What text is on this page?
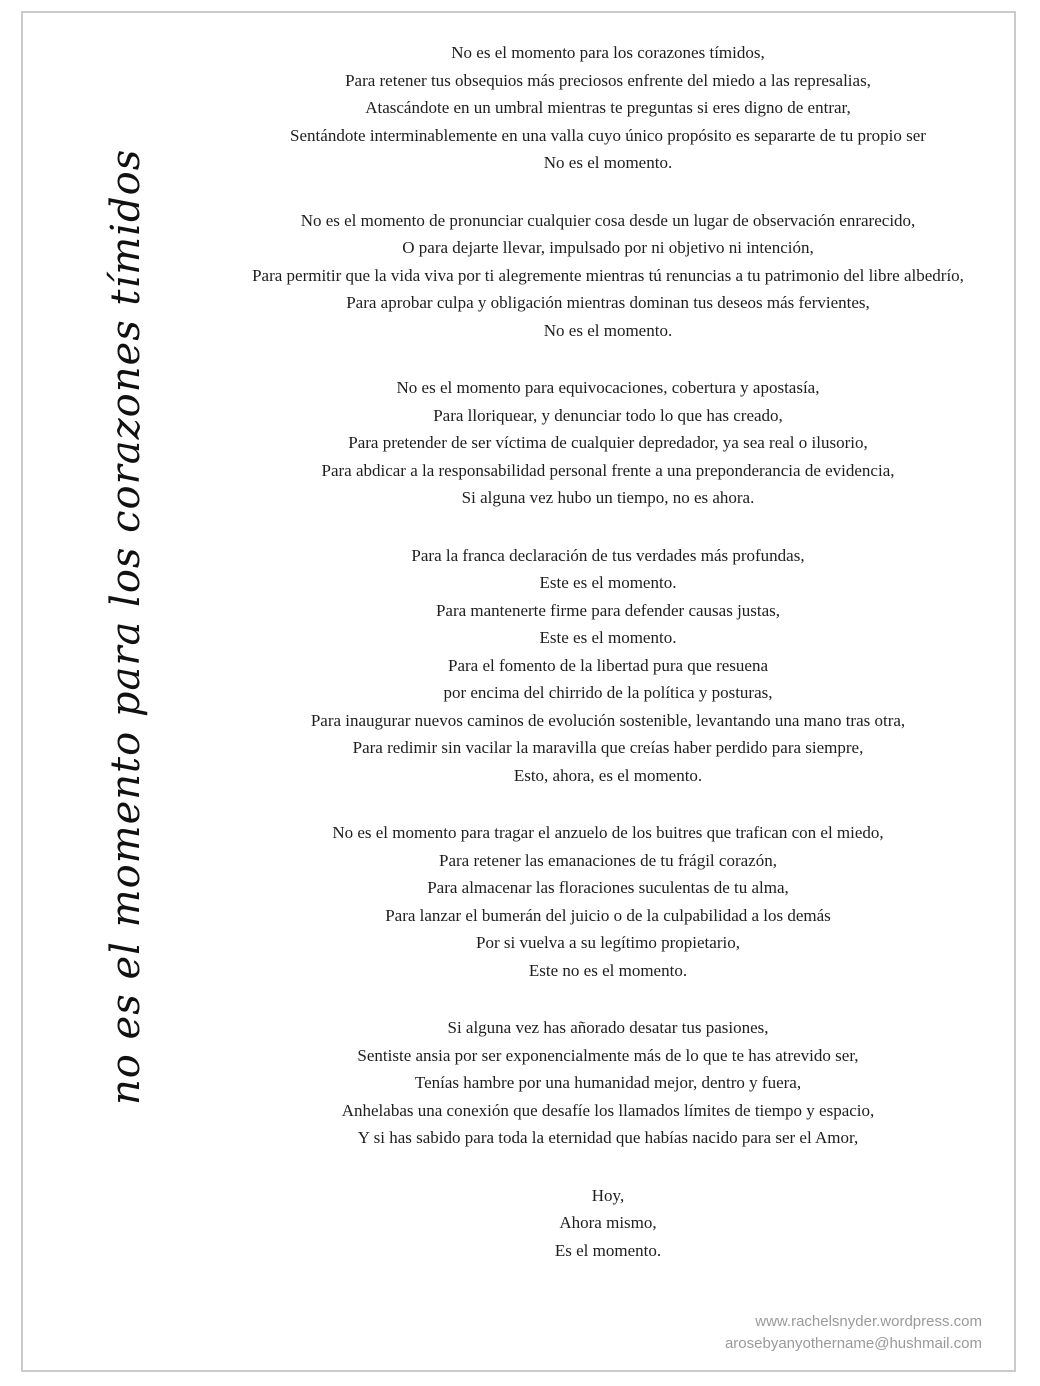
no es el momento para los corazones tímidos
No es el momento para los corazones tímidos,
Para retener tus obsequios más preciosos enfrente del miedo a las represalias,
Atascándote en un umbral mientras te preguntas si eres digno de entrar,
Sentándote interminablemente en una valla cuyo único propósito es separarte de tu propio ser
No es el momento.
No es el momento de pronunciar cualquier cosa desde un lugar de observación enrarecido,
O para dejarte llevar, impulsado por ni objetivo ni intención,
Para permitir que la vida viva por ti alegremente mientras tú renuncias a tu patrimonio del libre albedrío,
Para aprobar culpa y obligación mientras dominan tus deseos más fervientes,
No es el momento.
No es el momento para equivocaciones, cobertura y apostasía,
Para lloriquear, y denunciar todo lo que has creado,
Para pretender de ser víctima de cualquier depredador, ya sea real o ilusorio,
Para abdicar a la responsabilidad personal frente a una preponderancia de evidencia,
Si alguna vez hubo un tiempo, no es ahora.
Para la franca declaración de tus verdades más profundas,
Este es el momento.
Para mantenerte firme para defender causas justas,
Este es el momento.
Para el fomento de la libertad pura que resuena
por encima del chirrido de la política y posturas,
Para inaugurar nuevos caminos de evolución sostenible, levantando una mano tras otra,
Para redimir sin vacilar la maravilla que creías haber perdido para siempre,
Esto, ahora, es el momento.
No es el momento para tragar el anzuelo de los buitres que trafican con el miedo,
Para retener las emanaciones de tu frágil corazón,
Para almacenar las floraciones suculentas de tu alma,
Para lanzar el bumerán del juicio o de la culpabilidad a los demás
Por si vuelva a su legítimo propietario,
Este no es el momento.
Si alguna vez has añorado desatar tus pasiones,
Sentiste ansia por ser exponencialmente más de lo que te has atrevido ser,
Tenías hambre por una humanidad mejor, dentro y fuera,
Anhelabas una conexión que desafíe los llamados límites de tiempo y espacio,
Y si has sabido para toda la eternidad que habías nacido para ser el Amor,
Hoy,
Ahora mismo,
Es el momento.
www.rachelsnyder.wordpress.com
arosebyanyothername@hushmail.com
